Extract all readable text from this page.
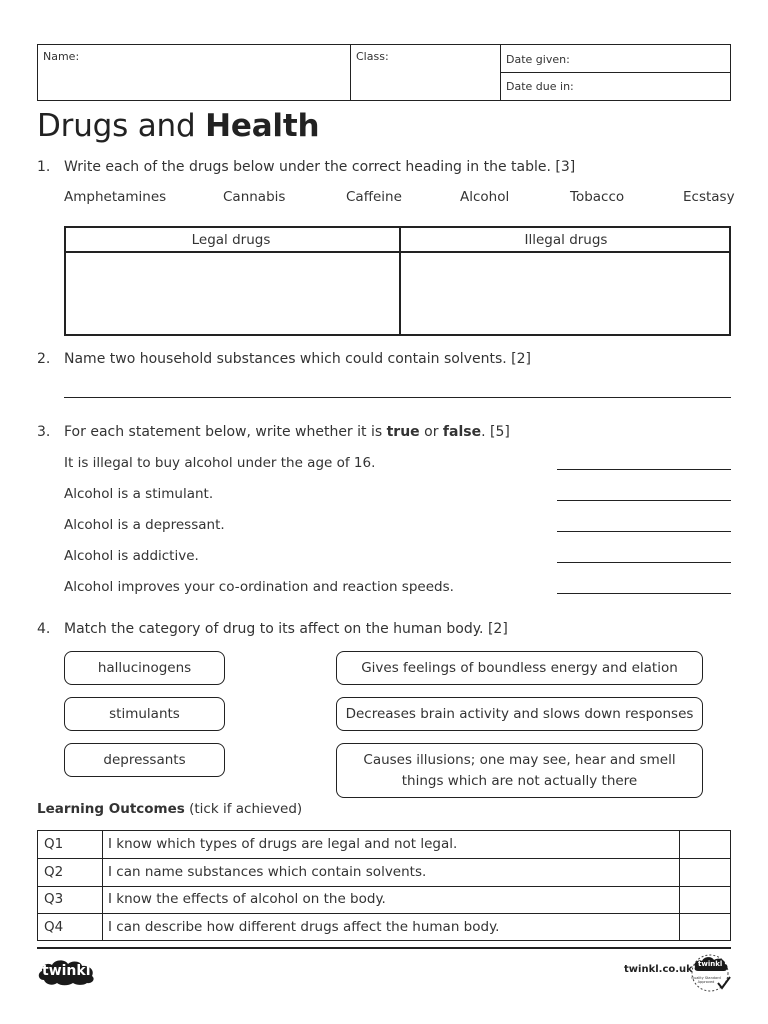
Name:	Class:	Date given:
Date due in:
Drugs and Health
1. Write each of the drugs below under the correct heading in the table. [3]
Amphetamines	Cannabis	Caffeine	Alcohol	Tobacco	Ecstasy
Legal drugs	Illegal drugs
2. Name two household substances which could contain solvents. [2]
3. For each statement below, write whether it is true or false. [5]
It is illegal to buy alcohol under the age of 16.
Alcohol is a stimulant.
Alcohol is a depressant.
Alcohol is addictive.
Alcohol improves your co-ordination and reaction speeds.
4. Match the category of drug to its affect on the human body. [2]
hallucinogens
stimulants
depressants
Gives feelings of boundless energy and elation
Decreases brain activity and slows down responses
Causes illusions; one may see, hear and smell things which are not actually there
Learning Outcomes (tick if achieved)
Q1	I know which types of drugs are legal and not legal.
Q2	I can name substances which contain solvents.
Q3	I know the effects of alcohol on the body.
Q4	I can describe how different drugs affect the human body.
twinkl	twinkl.co.uk twinkl
Quality Standard Approved
